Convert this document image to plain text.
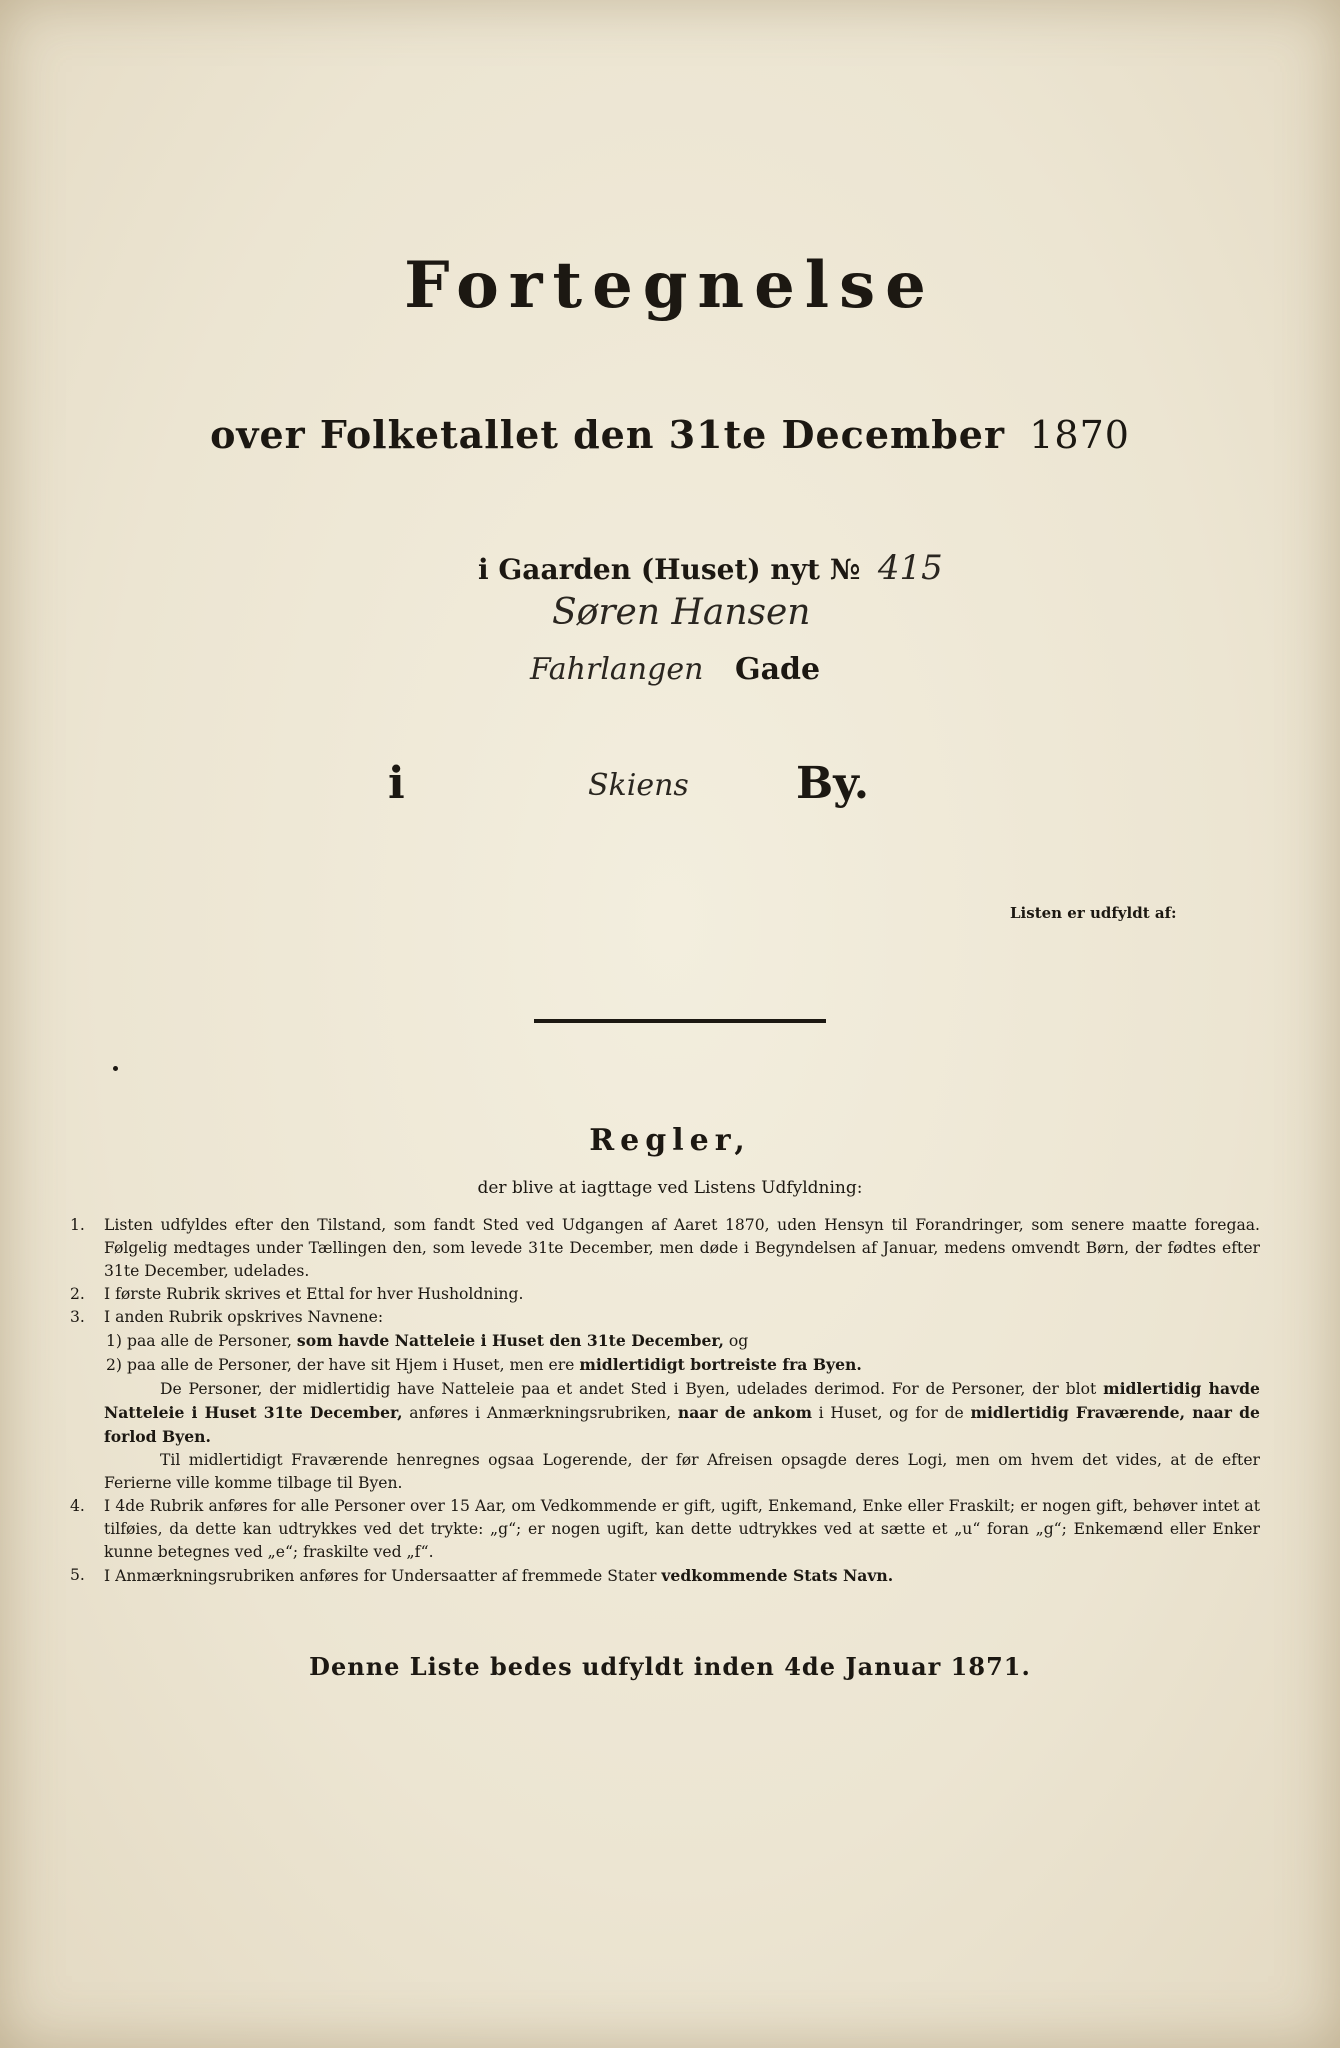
Fortegnelse
over Folketallet den 31te December 1870
i Gaarden (Huset) nyt № 415
Søren Hansen
Fahrlangen Gade
i	Skiens By.
Listen er udfyldt af:
Regler,
der blive at iagttage ved Listens Udfyldning:
1. Listen udfyldes efter den Tilstand, som fandt Sted ved Udgangen af Aaret 1870, uden Hensyn til Forandringer, som senere maatte foregaa. Følgelig medtages under Tællingen den, som levede 31te December, men døde i Begyndelsen af Januar, medens omvendt Børn, der fødtes efter 31te December, udelades.
2. I første Rubrik skrives et Ettal for hver Husholdning.
3. I anden Rubrik opskrives Navnene:
1) paa alle de Personer, som havde Natteleie i Huset den 31te December, og
2) paa alle de Personer, der have sit Hjem i Huset, men ere midlertidigt bortreiste fra Byen.
De Personer, der midlertidig have Natteleie paa et andet Sted i Byen, udelades derimod. For de Personer, der blot midlertidig havde Natteleie i Huset 31te December, anføres i Anmærkningsrubriken, naar de ankom i Huset, og for de midlertidig Fraværende, naar de forlod Byen.
Til midlertidigt Fraværende henregnes ogsaa Logerende, der før Afreisen opsagde deres Logi, men om hvem det vides, at de efter Ferierne ville komme tilbage til Byen.
4. I 4de Rubrik anføres for alle Personer over 15 Aar, om Vedkommende er gift, ugift, Enkemand, Enke eller Fraskilt; er nogen gift, behøver intet at tilføies, da dette kan udtrykkes ved det trykte: „g“; er nogen ugift, kan dette udtrykkes ved at sætte et „u“ foran „g“; Enkemænd eller Enker kunne betegnes ved „e“; fraskilte ved „f“.
5. I Anmærkningsrubriken anføres for Undersaatter af fremmede Stater vedkommende Stats Navn.
Denne Liste bedes udfyldt inden 4de Januar 1871.
